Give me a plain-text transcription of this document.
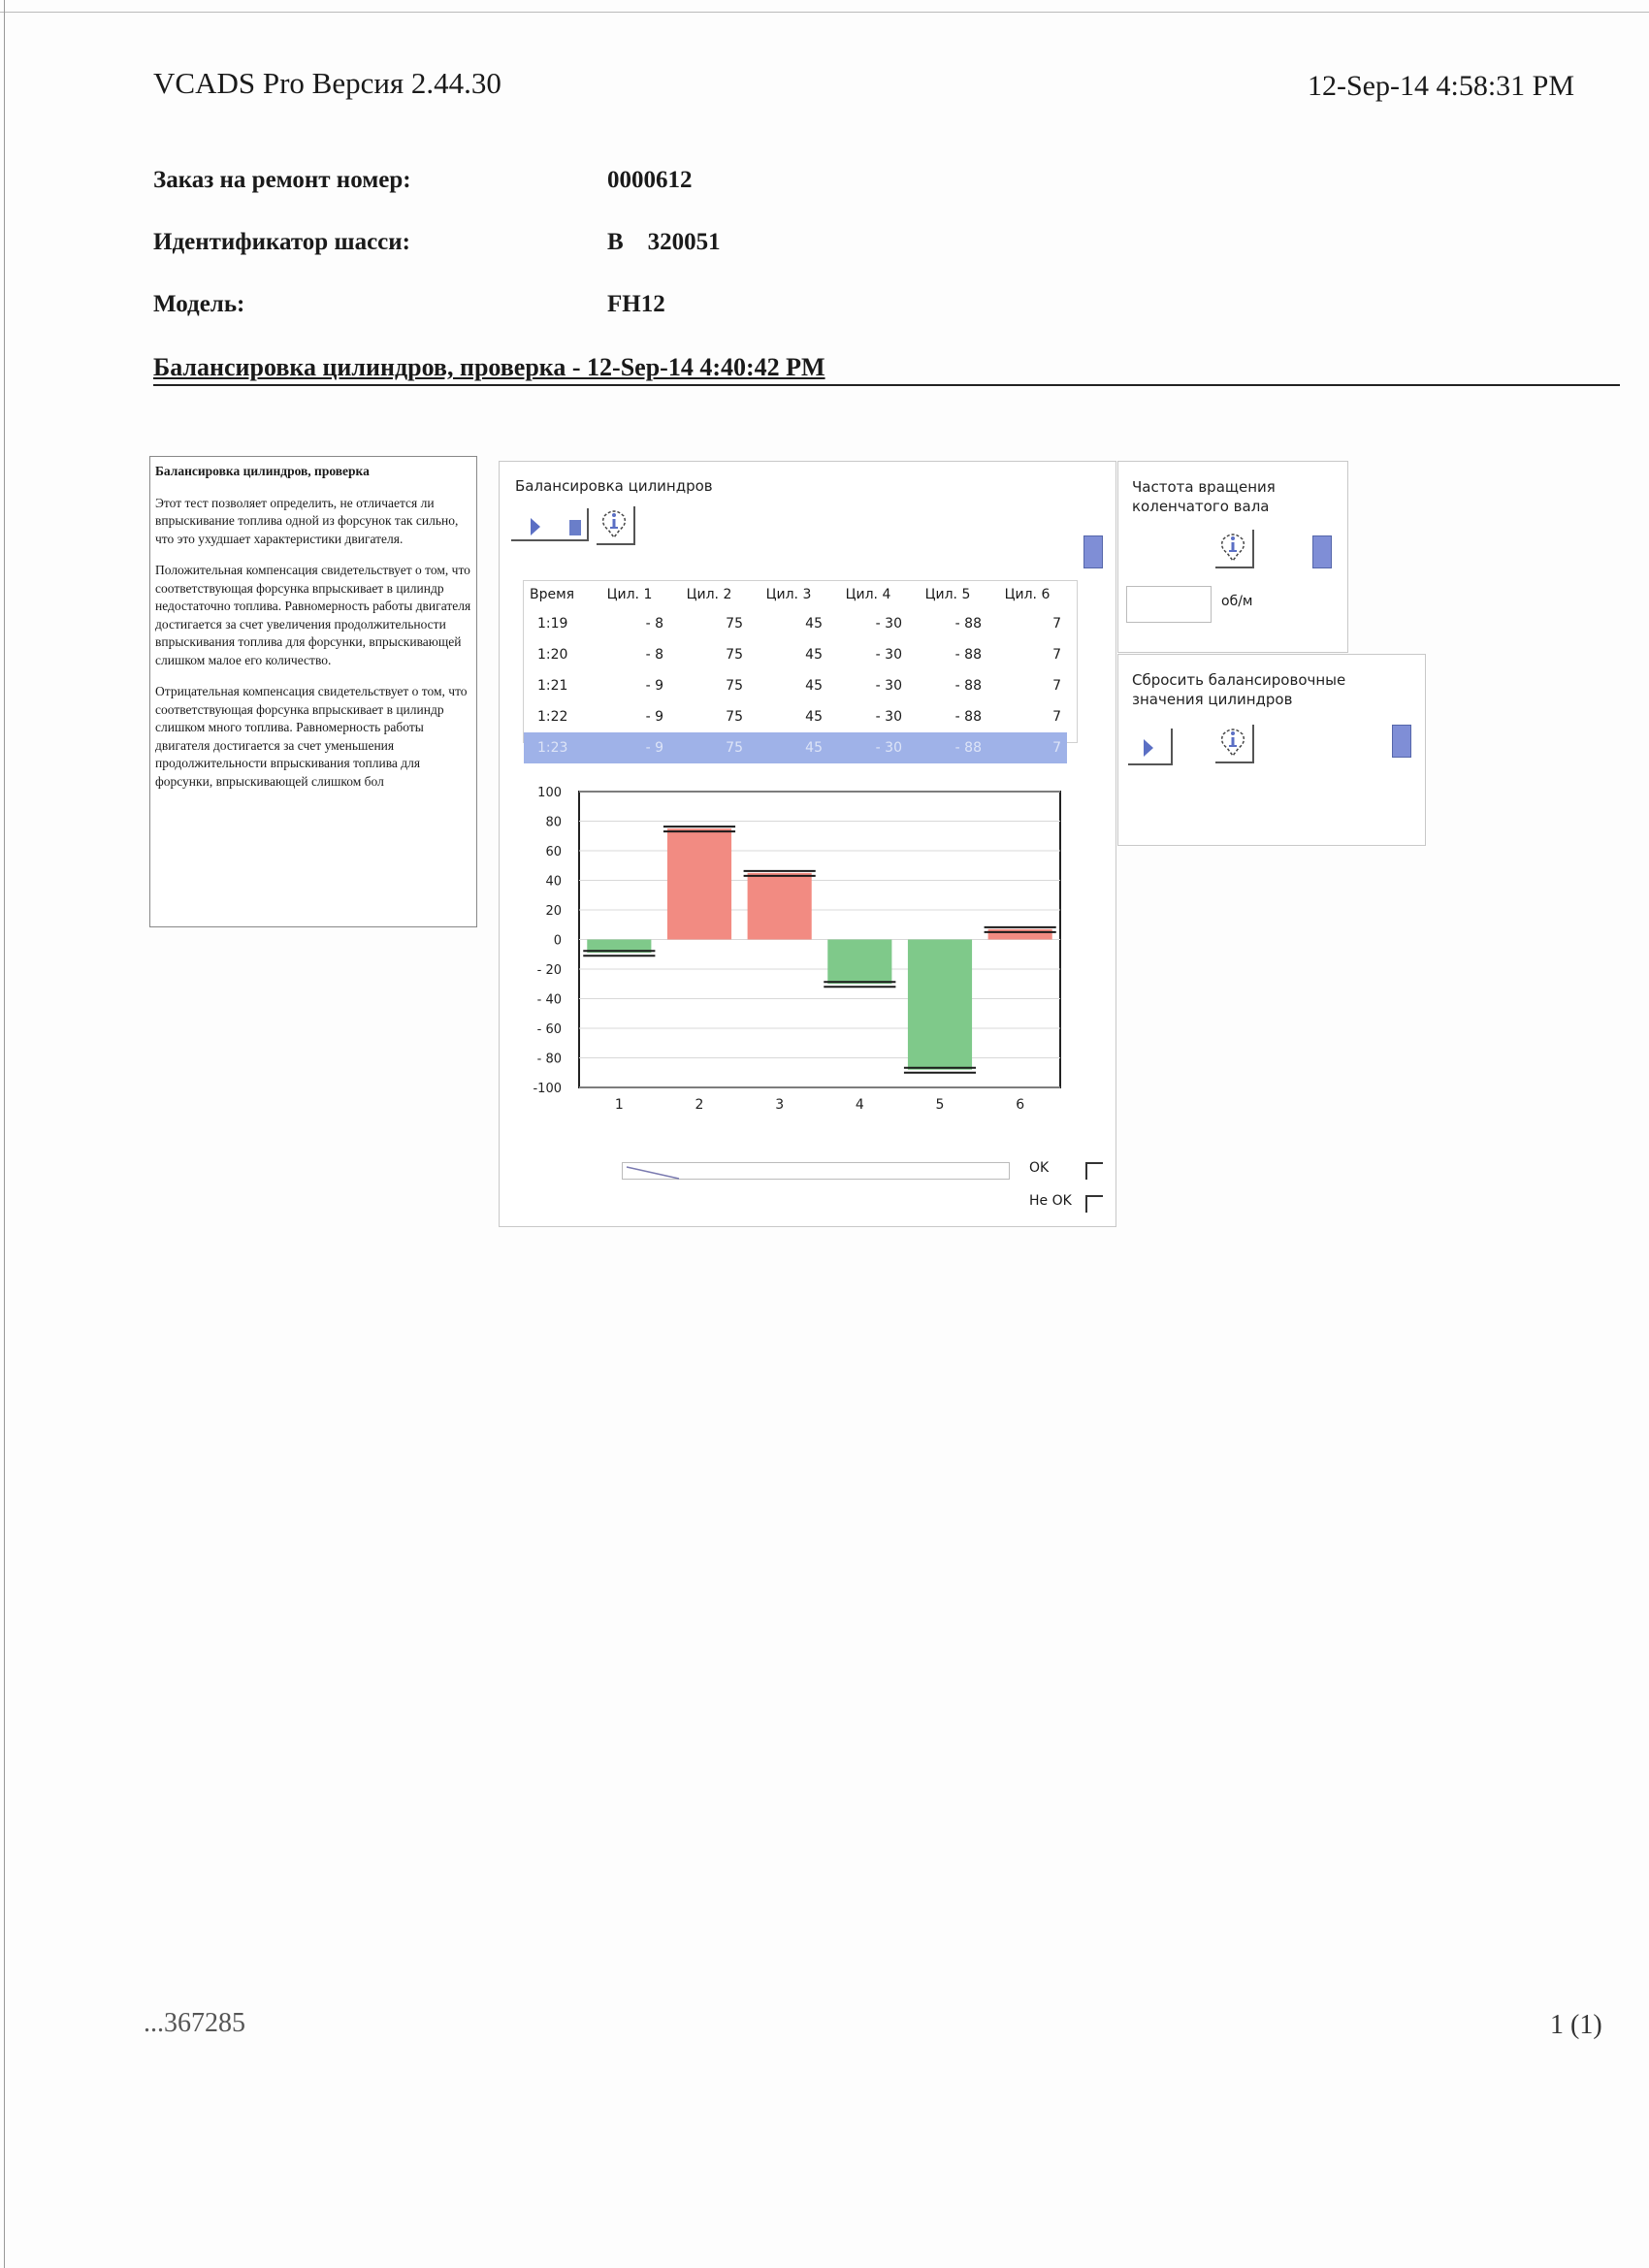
VCADS Pro Версия 2.44.30	12-Sep-14 4:58:31 PM
Заказ на ремонт номер:	0000612
Идентификатор шасси:	B    320051
Модель:	FH12
Балансировка цилиндров, проверка - 12-Sep-14 4:40:42 PM
Балансировка цилиндров, проверка

Этот тест позволяет определить, не отличается ли впрыскивание топлива одной из форсунок так сильно, что это ухудшает характеристики двигателя.

Положительная компенсация свидетельствует о том, что соответствующая форсунка впрыскивает в цилиндр недостаточно топлива. Равномерность работы двигателя достигается за счет увеличения продолжительности впрыскивания топлива для форсунки, впрыскивающей слишком малое его количество.

Отрицательная компенсация свидетельствует о том, что соответствующая форсунка впрыскивает в цилиндр слишком много топлива. Равномерность работы двигателя достигается за счет уменьшения продолжительности впрыскивания топлива для форсунки, впрыскивающей слишком бол

Балансировка цилиндров
Время	Цил. 1	Цил. 2	Цил. 3	Цил. 4	Цил. 5	Цил. 6
1:19	- 8	75	45	- 30	- 88	7
1:20	- 8	75	45	- 30	- 88	7
1:21	- 9	75	45	- 30	- 88	7
1:22	- 9	75	45	- 30	- 88	7
1:23	- 9	75	45	- 30	- 88	7
100
80
60
40
20
0
- 20
- 40
- 60
- 80
-100
1	2	3	4	5	6
OK
Не OK
Частота вращения
коленчатого вала
об/м
Сбросить балансировочные
значения цилиндров
...367285	1 (1)
